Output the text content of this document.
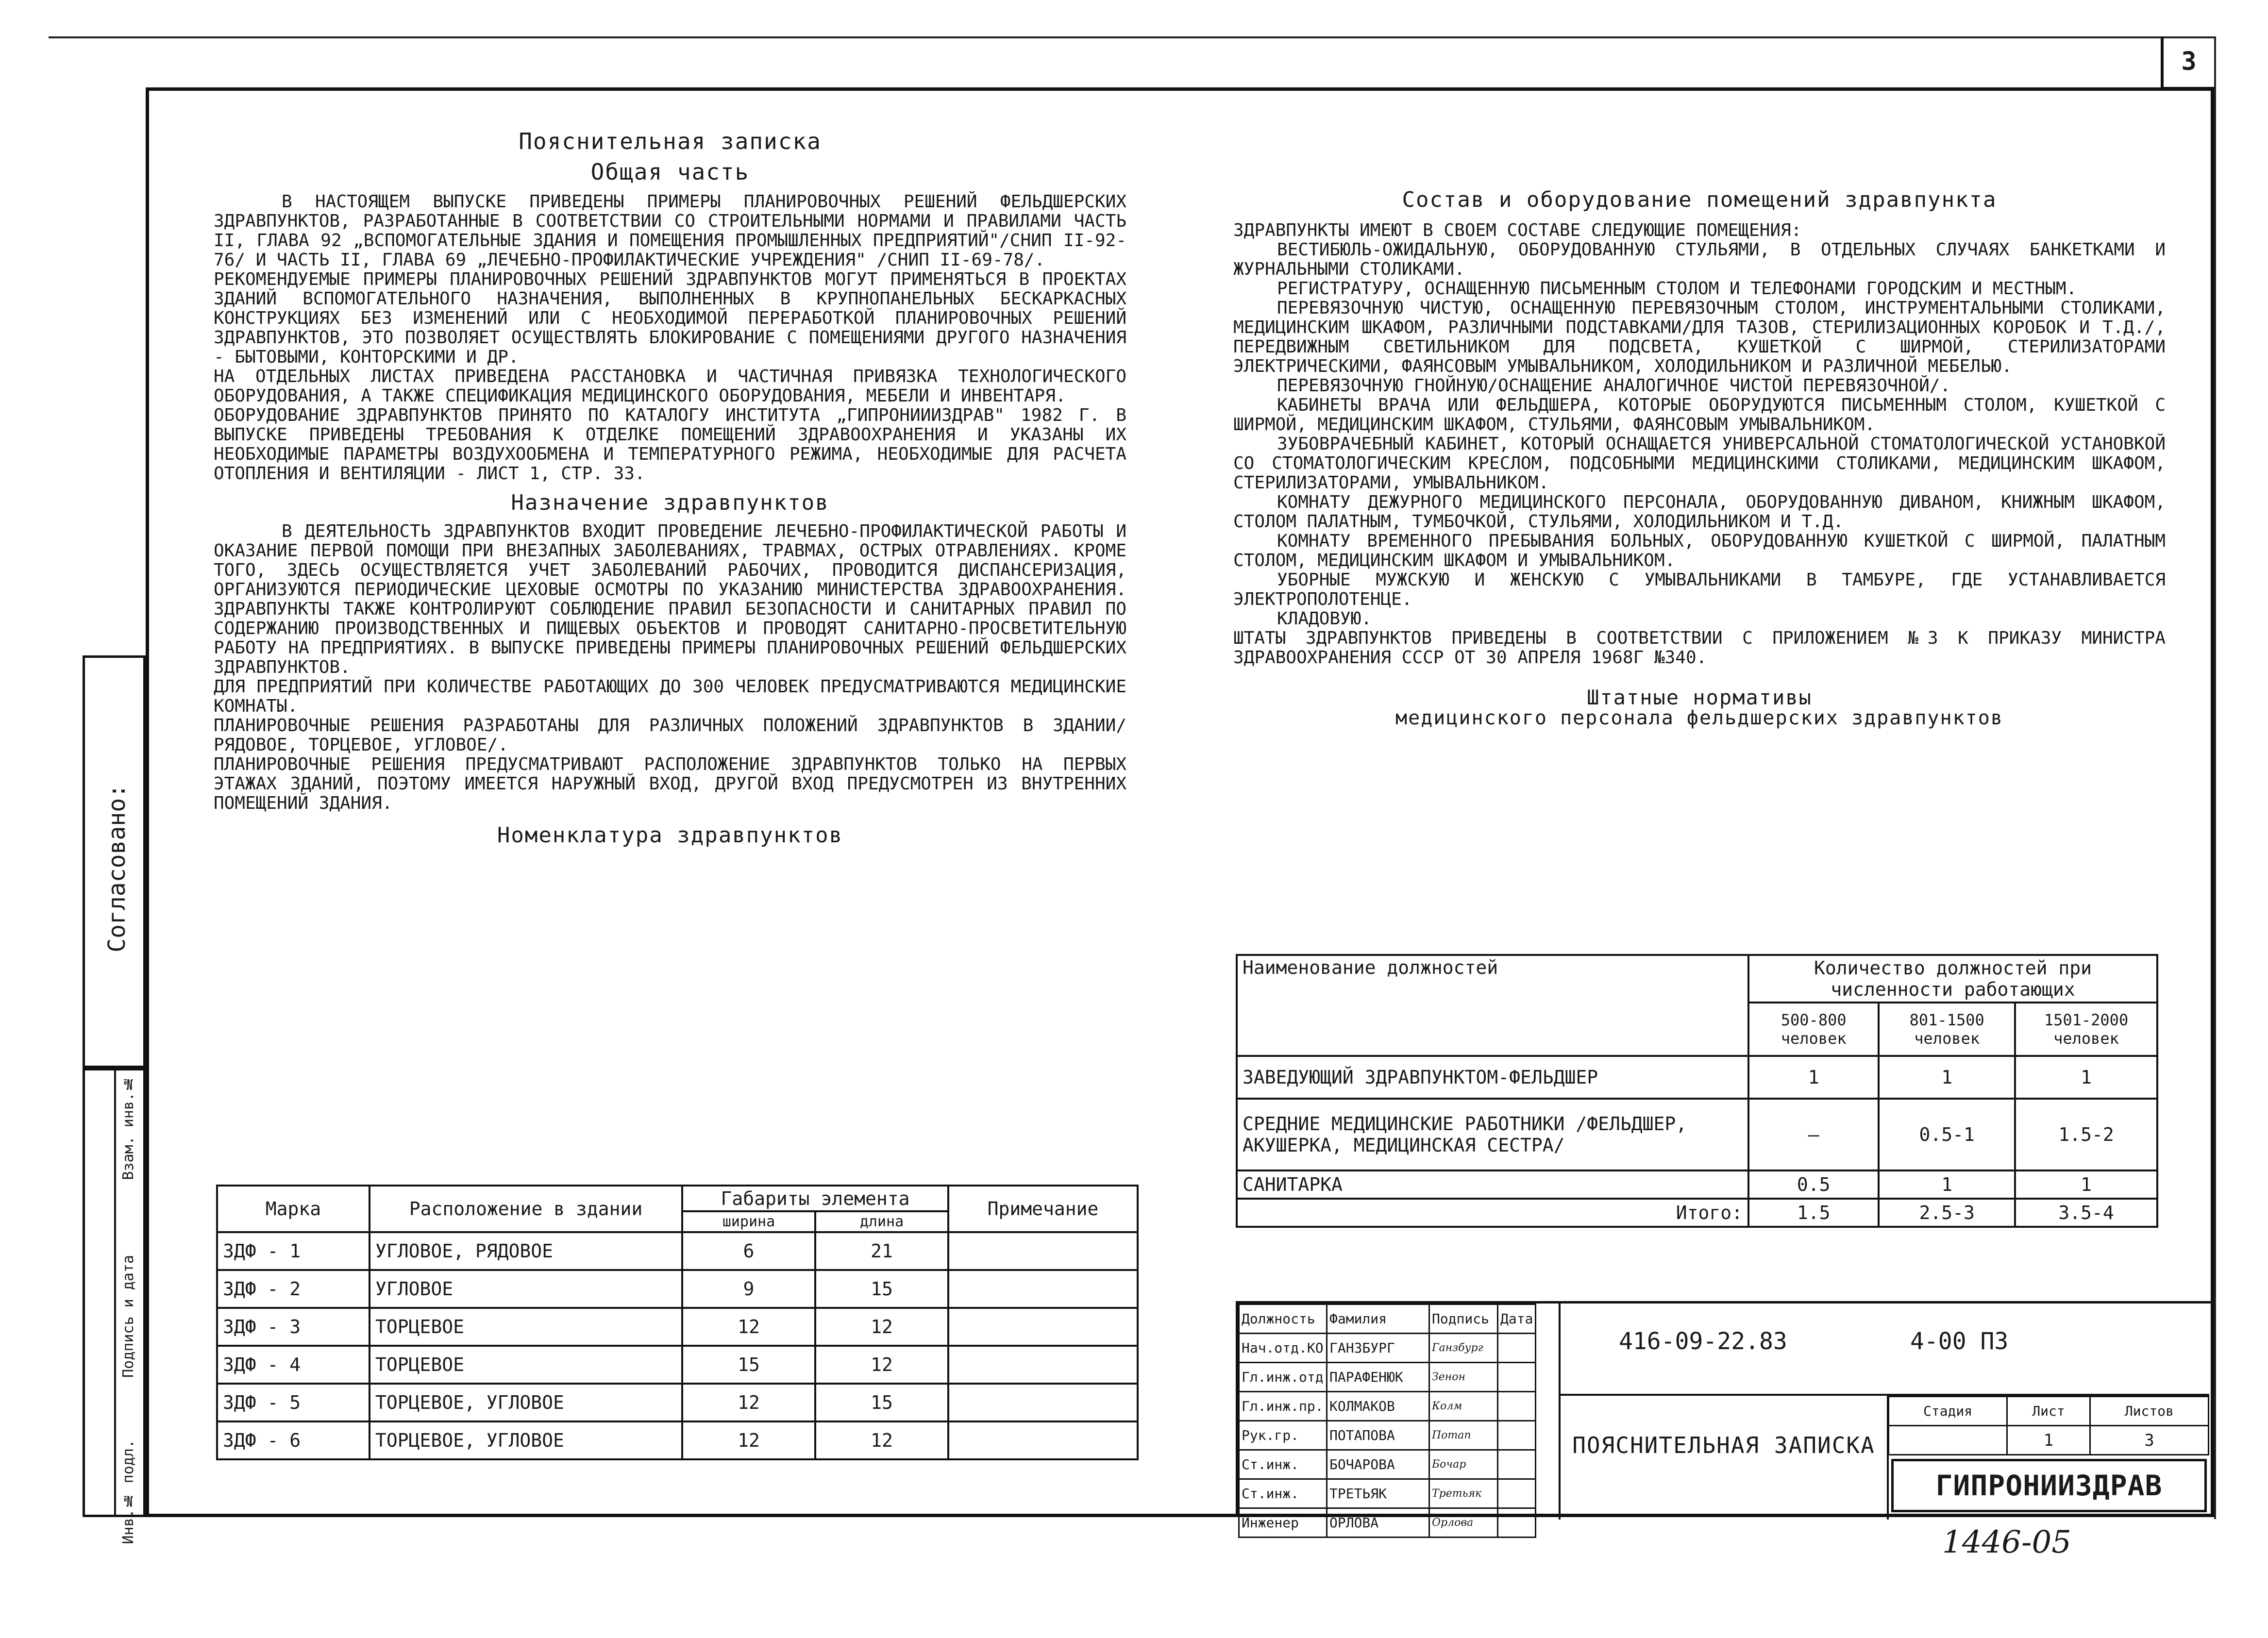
3
Согласовано:
Взам. инв.№
Подпись и дата
Инв.№ подл.
Пояснительная записка
Общая часть

В НАСТОЯЩЕМ ВЫПУСКЕ ПРИВЕДЕНЫ ПРИМЕРЫ ПЛАНИРОВОЧНЫХ РЕШЕНИЙ ФЕЛЬДШЕРСКИХ ЗДРАВПУНКТОВ, РАЗРАБОТАННЫЕ В СООТВЕТСТВИИ СО СТРОИТЕЛЬНЫМИ НОРМАМИ И ПРАВИЛАМИ ЧАСТЬ II, ГЛАВА 92 „ВСПОМОГАТЕЛЬНЫЕ ЗДАНИЯ И ПОМЕЩЕНИЯ ПРОМЫШЛЕННЫХ ПРЕДПРИЯТИЙ"/СНИП II-92-76/ И ЧАСТЬ II, ГЛАВА 69 „ЛЕЧЕБНО-ПРОФИЛАКТИЧЕСКИЕ УЧРЕЖДЕНИЯ" /СНИП II-69-78/.

РЕКОМЕНДУЕМЫЕ ПРИМЕРЫ ПЛАНИРОВОЧНЫХ РЕШЕНИЙ ЗДРАВПУНКТОВ МОГУТ ПРИМЕНЯТЬСЯ В ПРОЕКТАХ ЗДАНИЙ ВСПОМОГАТЕЛЬНОГО НАЗНАЧЕНИЯ, ВЫПОЛНЕННЫХ В КРУПНОПАНЕЛЬНЫХ БЕСКАРКАСНЫХ КОНСТРУКЦИЯХ БЕЗ ИЗМЕНЕНИЙ ИЛИ С НЕОБХОДИМОЙ ПЕРЕРАБОТКОЙ ПЛАНИРОВОЧНЫХ РЕШЕНИЙ ЗДРАВПУНКТОВ, ЭТО ПОЗВОЛЯЕТ ОСУЩЕСТВЛЯТЬ БЛОКИРОВАНИЕ С ПОМЕЩЕНИЯМИ ДРУГОГО НАЗНАЧЕНИЯ - БЫТОВЫМИ, КОНТОРСКИМИ И ДР.

НА ОТДЕЛЬНЫХ ЛИСТАХ ПРИВЕДЕНА РАССТАНОВКА И ЧАСТИЧНАЯ ПРИВЯЗКА ТЕХНОЛОГИЧЕСКОГО ОБОРУДОВАНИЯ, А ТАКЖЕ СПЕЦИФИКАЦИЯ МЕДИЦИНСКОГО ОБОРУДОВАНИЯ, МЕБЕЛИ И ИНВЕНТАРЯ.

ОБОРУДОВАНИЕ ЗДРАВПУНКТОВ ПРИНЯТО ПО КАТАЛОГУ ИНСТИТУТА „ГИПРОНИИИЗДРАВ" 1982 Г. В ВЫПУСКЕ ПРИВЕДЕНЫ ТРЕБОВАНИЯ К ОТДЕЛКЕ ПОМЕЩЕНИЙ ЗДРАВООХРАНЕНИЯ И УКАЗАНЫ ИХ НЕОБХОДИМЫЕ ПАРАМЕТРЫ ВОЗДУХООБМЕНА И ТЕМПЕРАТУРНОГО РЕЖИМА, НЕОБХОДИМЫЕ ДЛЯ РАСЧЕТА ОТОПЛЕНИЯ И ВЕНТИЛЯЦИИ - ЛИСТ 1, СТР. 33.

Назначение здравпунктов

В ДЕЯТЕЛЬНОСТЬ ЗДРАВПУНКТОВ ВХОДИТ ПРОВЕДЕНИЕ ЛЕЧЕБНО-ПРОФИЛАКТИЧЕСКОЙ РАБОТЫ И ОКАЗАНИЕ ПЕРВОЙ ПОМОЩИ ПРИ ВНЕЗАПНЫХ ЗАБОЛЕВАНИЯХ, ТРАВМАХ, ОСТРЫХ ОТРАВЛЕНИЯХ. КРОМЕ ТОГО, ЗДЕСЬ ОСУЩЕСТВЛЯЕТСЯ УЧЕТ ЗАБОЛЕВАНИЙ РАБОЧИХ, ПРОВОДИТСЯ ДИСПАНСЕРИЗАЦИЯ, ОРГАНИЗУЮТСЯ ПЕРИОДИЧЕСКИЕ ЦЕХОВЫЕ ОСМОТРЫ ПО УКАЗАНИЮ МИНИСТЕРСТВА ЗДРАВООХРАНЕНИЯ. ЗДРАВПУНКТЫ ТАКЖЕ КОНТРОЛИРУЮТ СОБЛЮДЕНИЕ ПРАВИЛ БЕЗОПАСНОСТИ И САНИТАРНЫХ ПРАВИЛ ПО СОДЕРЖАНИЮ ПРОИЗВОДСТВЕННЫХ И ПИЩЕВЫХ ОБЪЕКТОВ И ПРОВОДЯТ САНИТАРНО-ПРОСВЕТИТЕЛЬНУЮ РАБОТУ НА ПРЕДПРИЯТИЯХ. В ВЫПУСКЕ ПРИВЕДЕНЫ ПРИМЕРЫ ПЛАНИРОВОЧНЫХ РЕШЕНИЙ ФЕЛЬДШЕРСКИХ ЗДРАВПУНКТОВ.

ДЛЯ ПРЕДПРИЯТИЙ ПРИ КОЛИЧЕСТВЕ РАБОТАЮЩИХ ДО 300 ЧЕЛОВЕК ПРЕДУСМАТРИВАЮТСЯ МЕДИЦИНСКИЕ КОМНАТЫ.

ПЛАНИРОВОЧНЫЕ РЕШЕНИЯ РАЗРАБОТАНЫ ДЛЯ РАЗЛИЧНЫХ ПОЛОЖЕНИЙ ЗДРАВПУНКТОВ В ЗДАНИИ/РЯДОВОЕ, ТОРЦЕВОЕ, УГЛОВОЕ/.

ПЛАНИРОВОЧНЫЕ РЕШЕНИЯ ПРЕДУСМАТРИВАЮТ РАСПОЛОЖЕНИЕ ЗДРАВПУНКТОВ ТОЛЬКО НА ПЕРВЫХ ЭТАЖАХ ЗДАНИЙ, ПОЭТОМУ ИМЕЕТСЯ НАРУЖНЫЙ ВХОД, ДРУГОЙ ВХОД ПРЕДУСМОТРЕН ИЗ ВНУТРЕННИХ ПОМЕЩЕНИЙ ЗДАНИЯ.

Номенклатура здравпунктов
Марка	Расположение в здании	Габариты элемента		Примечание
		ширина	длина	
ЗДФ - 1	УГЛОВОЕ, РЯДОВОЕ	6	21	
ЗДФ - 2	УГЛОВОЕ	9	15	
ЗДФ - 3	ТОРЦЕВОЕ	12	12	
ЗДФ - 4	ТОРЦЕВОЕ	15	12	
ЗДФ - 5	ТОРЦЕВОЕ, УГЛОВОЕ	12	15	
ЗДФ - 6	ТОРЦЕВОЕ, УГЛОВОЕ	12	12	
Состав и оборудование помещений здравпункта

ЗДРАВПУНКТЫ ИМЕЮТ В СВОЕМ СОСТАВЕ СЛЕДУЮЩИЕ ПОМЕЩЕНИЯ:

ВЕСТИБЮЛЬ-ОЖИДАЛЬНУЮ, ОБОРУДОВАННУЮ СТУЛЬЯМИ, В ОТДЕЛЬНЫХ СЛУЧАЯХ БАНКЕТКАМИ И ЖУРНАЛЬНЫМИ СТОЛИКАМИ.

РЕГИСТРАТУРУ, ОСНАЩЕННУЮ ПИСЬМЕННЫМ СТОЛОМ И ТЕЛЕФОНАМИ ГОРОДСКИМ И МЕСТНЫМ.

ПЕРЕВЯЗОЧНУЮ ЧИСТУЮ, ОСНАЩЕННУЮ ПЕРЕВЯЗОЧНЫМ СТОЛОМ, ИНСТРУМЕНТАЛЬНЫМИ СТОЛИКАМИ, МЕДИЦИНСКИМ ШКАФОМ, РАЗЛИЧНЫМИ ПОДСТАВКАМИ/ДЛЯ ТАЗОВ, СТЕРИЛИЗАЦИОННЫХ КОРОБОК И Т.Д./, ПЕРЕДВИЖНЫМ СВЕТИЛЬНИКОМ ДЛЯ ПОДСВЕТА, КУШЕТКОЙ С ШИРМОЙ, СТЕРИЛИЗАТОРАМИ ЭЛЕКТРИЧЕСКИМИ, ФАЯНСОВЫМ УМЫВАЛЬНИКОМ, ХОЛОДИЛЬНИКОМ И РАЗЛИЧНОЙ МЕБЕЛЬЮ.

ПЕРЕВЯЗОЧНУЮ ГНОЙНУЮ/ОСНАЩЕНИЕ АНАЛОГИЧНОЕ ЧИСТОЙ ПЕРЕВЯЗОЧНОЙ/.

КАБИНЕТЫ ВРАЧА ИЛИ ФЕЛЬДШЕРА, КОТОРЫЕ ОБОРУДУЮТСЯ ПИСЬМЕННЫМ СТОЛОМ, КУШЕТКОЙ С ШИРМОЙ, МЕДИЦИНСКИМ ШКАФОМ, СТУЛЬЯМИ, ФАЯНСОВЫМ УМЫВАЛЬНИКОМ.

ЗУБОВРАЧЕБНЫЙ КАБИНЕТ, КОТОРЫЙ ОСНАЩАЕТСЯ УНИВЕРСАЛЬНОЙ СТОМАТОЛОГИЧЕСКОЙ УСТАНОВКОЙ СО СТОМАТОЛОГИЧЕСКИМ КРЕСЛОМ, ПОДСОБНЫМИ МЕДИЦИНСКИМИ СТОЛИКАМИ, МЕДИЦИНСКИМ ШКАФОМ, СТЕРИЛИЗАТОРАМИ, УМЫВАЛЬНИКОМ.

КОМНАТУ ДЕЖУРНОГО МЕДИЦИНСКОГО ПЕРСОНАЛА, ОБОРУДОВАННУЮ ДИВАНОМ, КНИЖНЫМ ШКАФОМ, СТОЛОМ ПАЛАТНЫМ, ТУМБОЧКОЙ, СТУЛЬЯМИ, ХОЛОДИЛЬНИКОМ И Т.Д.

КОМНАТУ ВРЕМЕННОГО ПРЕБЫВАНИЯ БОЛЬНЫХ, ОБОРУДОВАННУЮ КУШЕТКОЙ С ШИРМОЙ, ПАЛАТНЫМ СТОЛОМ, МЕДИЦИНСКИМ ШКАФОМ И УМЫВАЛЬНИКОМ.

УБОРНЫЕ МУЖСКУЮ И ЖЕНСКУЮ С УМЫВАЛЬНИКАМИ В ТАМБУРЕ, ГДЕ УСТАНАВЛИВАЕТСЯ ЭЛЕКТРОПОЛОТЕНЦЕ.

КЛАДОВУЮ.

ШТАТЫ ЗДРАВПУНКТОВ ПРИВЕДЕНЫ В СООТВЕТСТВИИ С ПРИЛОЖЕНИЕМ №3 К ПРИКАЗУ МИНИСТРА ЗДРАВООХРАНЕНИЯ СССР ОТ 30 АПРЕЛЯ 1968Г №340.

Штатные нормативы
медицинского персонала фельдшерских здравпунктов
Наименование должностей	Количество должностей при численности работающих		
	500-800 человек	801-1500 человек	1501-2000 человек
ЗАВЕДУЮЩИЙ ЗДРАВПУНКТОМ-ФЕЛЬДШЕР	1	1	1
СРЕДНИЕ МЕДИЦИНСКИЕ РАБОТНИКИ /ФЕЛЬДШЕР, АКУШЕРКА, МЕДИЦИНСКАЯ СЕСТРА/	—	0.5-1	1.5-2
САНИТАРКА	0.5	1	1
Итого:	1.5	2.5-3	3.5-4
Должность	Фамилия	Подпись	Дата
Нач.отд.КО	ГАНЗБУРГ	Ганзбург	
Гл.инж.отд	ПАРАФЕНЮК	Зенон	
Гл.инж.пр.	КОЛМАКОВ	Колм	
Рук.гр.	ПОТАПОВА	Потап	
Ст.инж.	БОЧАРОВА	Бочар	
Ст.инж.	ТРЕТЬЯК	Третьяк	
Инженер	ОРЛОВА	Орлова	
416-09-22.83	4-00 ПЗ
ПОЯСНИТЕЛЬНАЯ ЗАПИСКА
Стадия	Лист	Листов
	1	3
ГИПРОНИИЗДРАВ
1446-05
